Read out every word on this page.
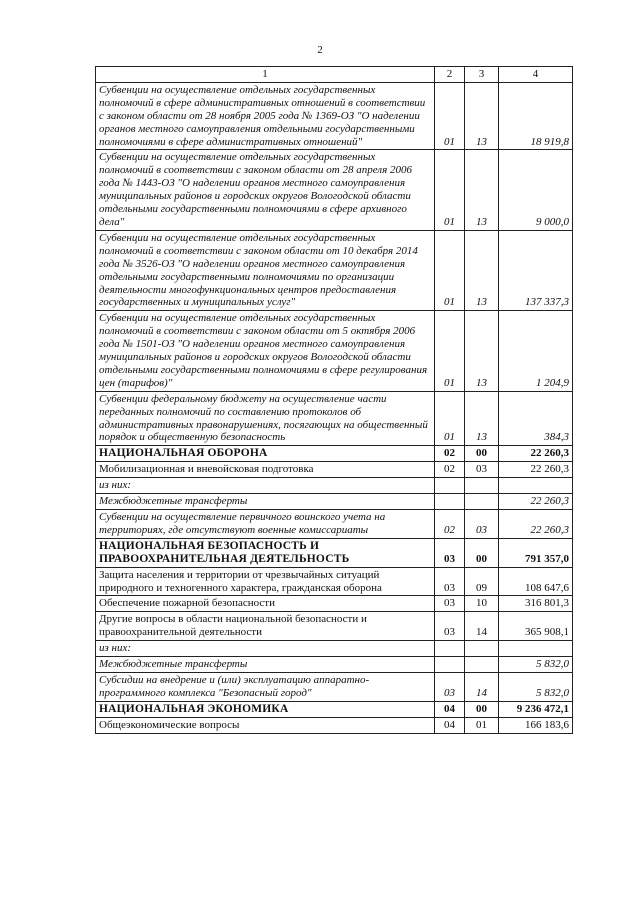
2
1	2	3	4
Субвенции на осуществление отдельных государственных полномочий в сфере административных отношений в соответствии с законом области от 28 ноября 2005 года № 1369-ОЗ "О наделении органов местного самоуправления отдельными государственными полномочиями в сфере административных отношений"	01	13	18 919,8
Субвенции на осуществление отдельных государственных полномочий в соответствии с законом области от 28 апреля 2006 года № 1443-ОЗ "О наделении органов местного самоуправления муниципальных районов и городских округов Вологодской области отдельными государственными полномочиями в сфере архивного дела"	01	13	9 000,0
Субвенции на осуществление отдельных государственных полномочий в соответствии с законом области от 10 декабря 2014 года № 3526-ОЗ "О наделении органов местного самоуправления отдельными государственными полномочиями по организации деятельности многофункциональных центров предоставления государственных и муниципальных услуг"	01	13	137 337,3
Субвенции на осуществление отдельных государственных полномочий в соответствии с законом области от 5 октября 2006 года № 1501-ОЗ "О наделении органов местного самоуправления муниципальных районов и городских округов Вологодской области отдельными государственными полномочиями в сфере регулирования цен (тарифов)"	01	13	1 204,9
Субвенции федеральному бюджету на осуществление части переданных полномочий по составлению протоколов об административных правонарушениях, посягающих на общественный порядок и общественную безопасность	01	13	384,3
НАЦИОНАЛЬНАЯ ОБОРОНА	02	00	22 260,3
Мобилизационная и вневойсковая подготовка	02	03	22 260,3
из них:			
Межбюджетные трансферты			22 260,3
Субвенции на осуществление первичного воинского учета на территориях, где отсутствуют военные комиссариаты	02	03	22 260,3
НАЦИОНАЛЬНАЯ БЕЗОПАСНОСТЬ И ПРАВООХРАНИТЕЛЬНАЯ ДЕЯТЕЛЬНОСТЬ	03	00	791 357,0
Защита населения и территории от чрезвычайных ситуаций природного и техногенного характера, гражданская оборона	03	09	108 647,6
Обеспечение пожарной безопасности	03	10	316 801,3
Другие вопросы в области национальной безопасности и правоохранительной деятельности	03	14	365 908,1
из них:			
Межбюджетные трансферты			5 832,0
Субсидии на внедрение и (или) эксплуатацию аппаратно-программного комплекса "Безопасный город"	03	14	5 832,0
НАЦИОНАЛЬНАЯ ЭКОНОМИКА	04	00	9 236 472,1
Общеэкономические вопросы	04	01	166 183,6
